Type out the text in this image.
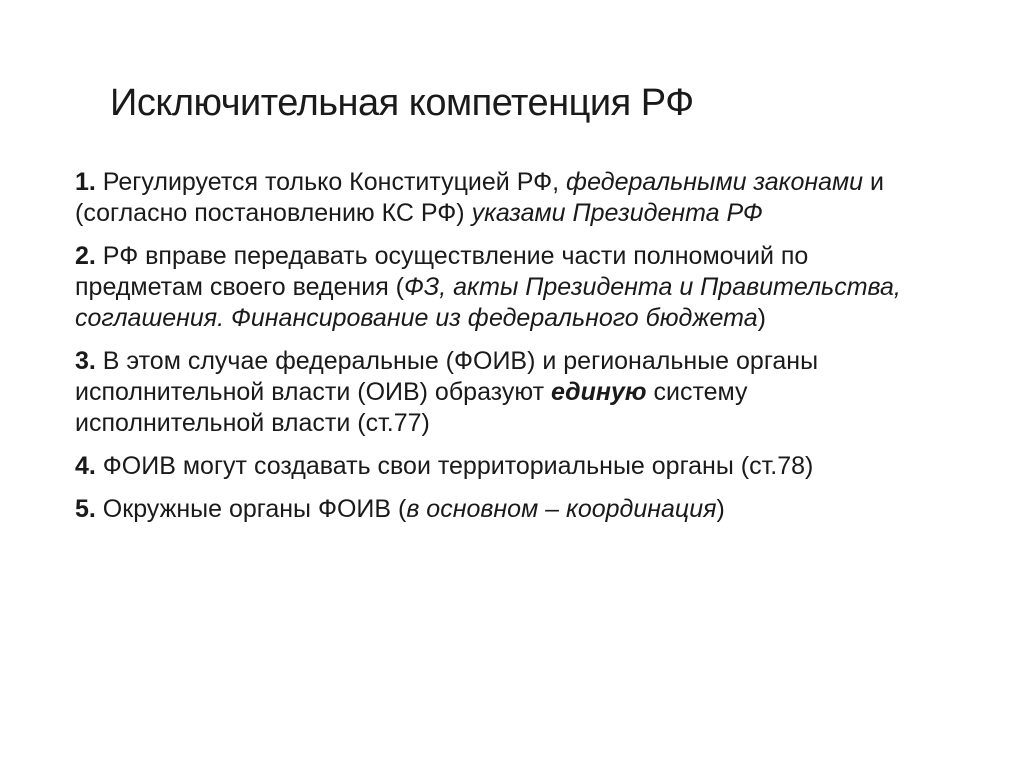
Исключительная компетенция РФ
1. Регулируется только Конституцией РФ, федеральными законами и (согласно постановлению КС РФ) указами Президента РФ
2. РФ вправе передавать осуществление части полномочий по предметам своего ведения (ФЗ, акты Президента и Правительства, соглашения. Финансирование из федерального бюджета)
3. В этом случае федеральные (ФОИВ) и региональные органы исполнительной власти (ОИВ) образуют единую систему исполнительной власти (ст.77)
4. ФОИВ могут создавать свои территориальные органы (ст.78)
5. Окружные органы ФОИВ (в основном – координация)
